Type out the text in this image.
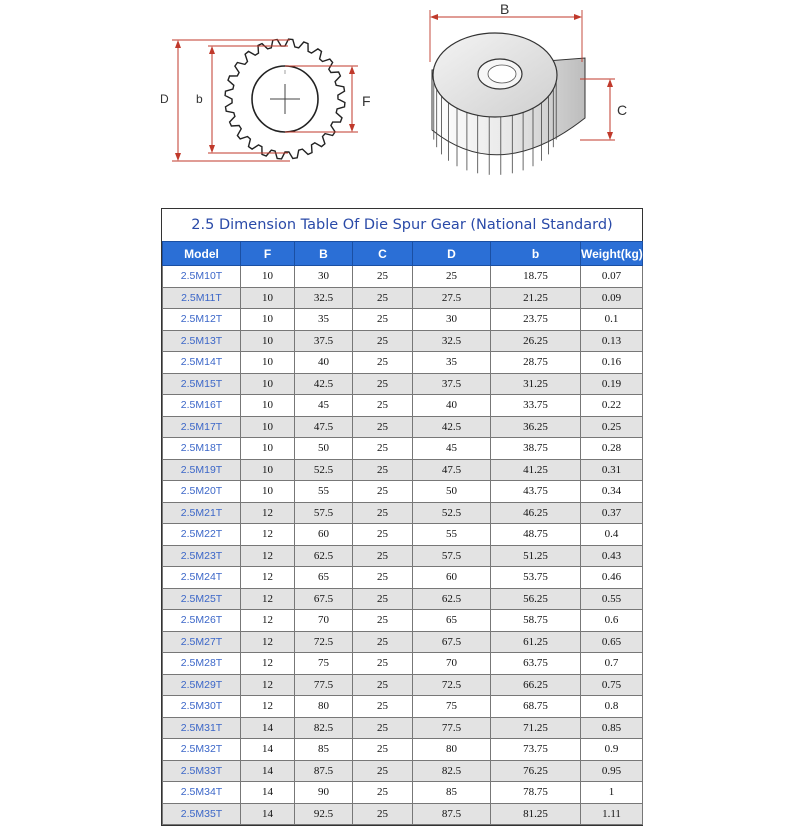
D b	F
B
C
2.5 Dimension Table Of Die Spur Gear (National Standard)
Model	F	B	C	D	b	Weight(kg)
2.5M10T	10	30	25	25	18.75	0.07
2.5M11T	10	32.5	25	27.5	21.25	0.09
2.5M12T	10	35	25	30	23.75	0.1
2.5M13T	10	37.5	25	32.5	26.25	0.13
2.5M14T	10	40	25	35	28.75	0.16
2.5M15T	10	42.5	25	37.5	31.25	0.19
2.5M16T	10	45	25	40	33.75	0.22
2.5M17T	10	47.5	25	42.5	36.25	0.25
2.5M18T	10	50	25	45	38.75	0.28
2.5M19T	10	52.5	25	47.5	41.25	0.31
2.5M20T	10	55	25	50	43.75	0.34
2.5M21T	12	57.5	25	52.5	46.25	0.37
2.5M22T	12	60	25	55	48.75	0.4
2.5M23T	12	62.5	25	57.5	51.25	0.43
2.5M24T	12	65	25	60	53.75	0.46
2.5M25T	12	67.5	25	62.5	56.25	0.55
2.5M26T	12	70	25	65	58.75	0.6
2.5M27T	12	72.5	25	67.5	61.25	0.65
2.5M28T	12	75	25	70	63.75	0.7
2.5M29T	12	77.5	25	72.5	66.25	0.75
2.5M30T	12	80	25	75	68.75	0.8
2.5M31T	14	82.5	25	77.5	71.25	0.85
2.5M32T	14	85	25	80	73.75	0.9
2.5M33T	14	87.5	25	82.5	76.25	0.95
2.5M34T	14	90	25	85	78.75	1
2.5M35T	14	92.5	25	87.5	81.25	1.11
